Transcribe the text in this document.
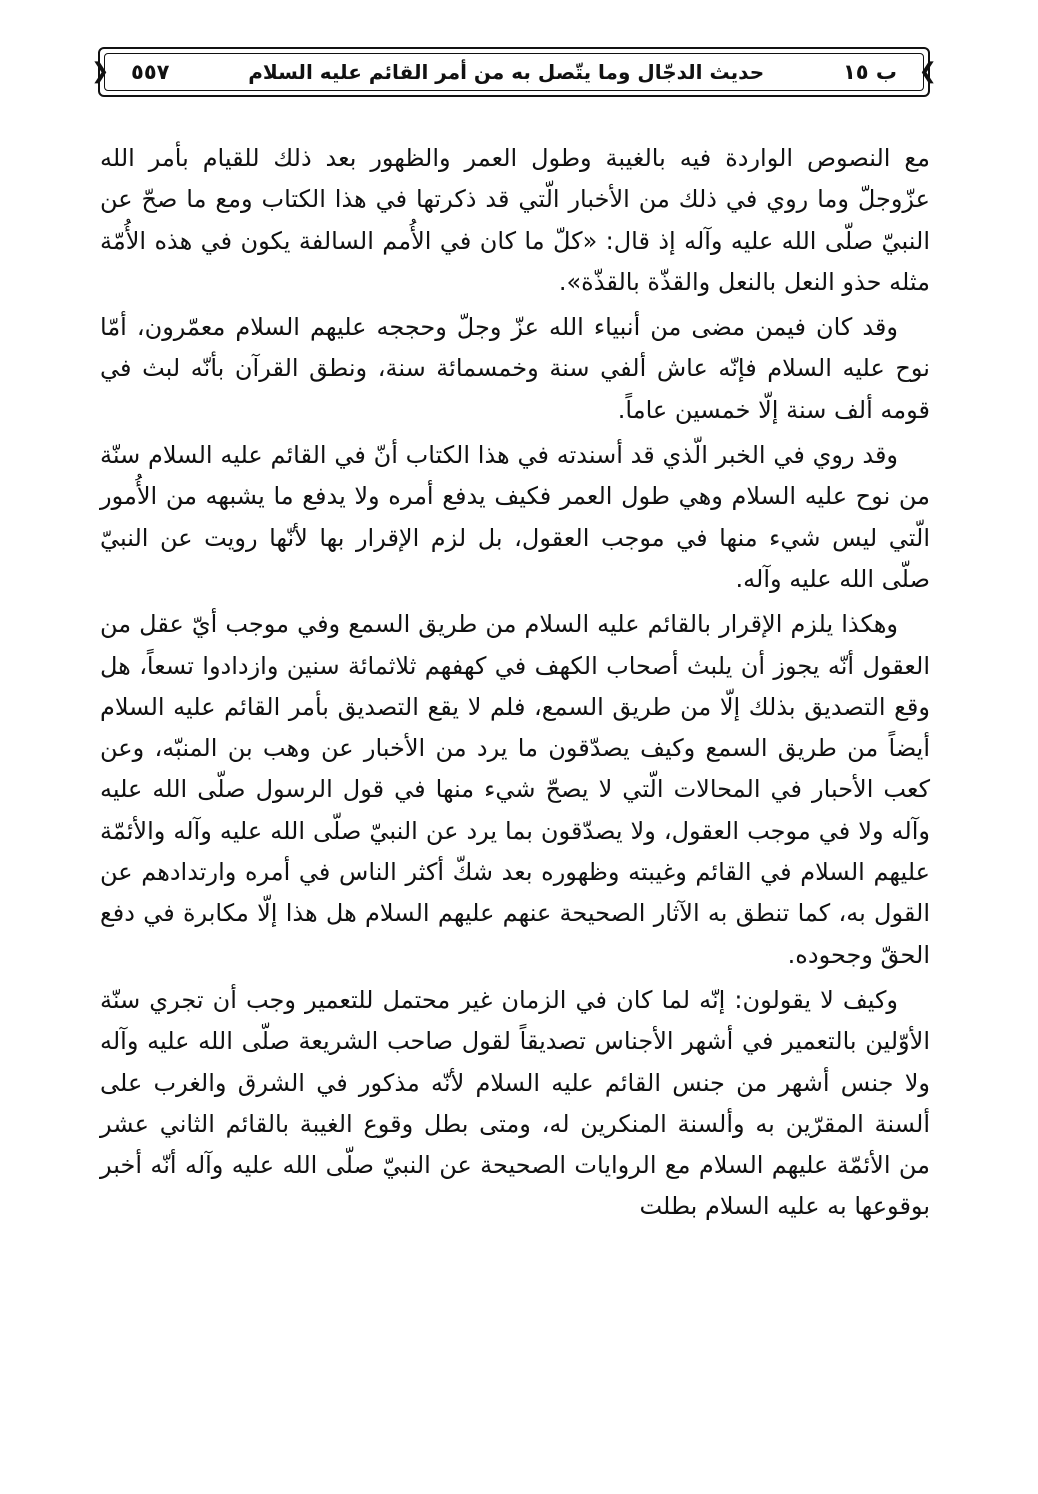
❯
ب ١٥
حديث الدجّال وما يتّصل به من أمر القائم عليه السلام
٥٥٧
❮

مع النصوص الواردة فيه بالغيبة وطول العمر والظهور بعد ذلك للقيام بأمر الله عزّوجلّ وما روي في ذلك من الأخبار الّتي قد ذكرتها في هذا الكتاب ومع ما صحّ عن النبيّ صلّى الله عليه وآله إذ قال: «كلّ ما كان في الأُمم السالفة يكون في هذه الأُمّة مثله حذو النعل بالنعل والقذّة بالقذّة».

وقد كان فيمن مضى من أنبياء الله عزّ وجلّ وحججه عليهم السلام معمّرون، أمّا نوح عليه السلام فإنّه عاش ألفي سنة وخمسمائة سنة، ونطق القرآن بأنّه لبث في قومه ألف سنة إلّا خمسين عاماً.

وقد روي في الخبر الّذي قد أسندته في هذا الكتاب أنّ في القائم عليه السلام سنّة من نوح عليه السلام وهي طول العمر فكيف يدفع أمره ولا يدفع ما يشبهه من الأُمور الّتي ليس شيء منها في موجب العقول، بل لزم الإقرار بها لأنّها رويت عن النبيّ صلّى الله عليه وآله.

وهكذا يلزم الإقرار بالقائم عليه السلام من طريق السمع وفي موجب أيّ عقل من العقول أنّه يجوز أن يلبث أصحاب الكهف في كهفهم ثلاثمائة سنين وازدادوا تسعاً، هل وقع التصديق بذلك إلّا من طريق السمع، فلم لا يقع التصديق بأمر القائم عليه السلام أيضاً من طريق السمع وكيف يصدّقون ما يرد من الأخبار عن وهب بن المنبّه، وعن كعب الأحبار في المحالات الّتي لا يصحّ شيء منها في قول الرسول صلّى الله عليه وآله ولا في موجب العقول، ولا يصدّقون بما يرد عن النبيّ صلّى الله عليه وآله والأئمّة عليهم السلام في القائم وغيبته وظهوره بعد شكّ أكثر الناس في أمره وارتدادهم عن القول به، كما تنطق به الآثار الصحيحة عنهم عليهم السلام هل هذا إلّا مكابرة في دفع الحقّ وجحوده.

وكيف لا يقولون: إنّه لما كان في الزمان غير محتمل للتعمير وجب أن تجري سنّة الأوّلين بالتعمير في أشهر الأجناس تصديقاً لقول صاحب الشريعة صلّى الله عليه وآله ولا جنس أشهر من جنس القائم عليه السلام لأنّه مذكور في الشرق والغرب على ألسنة المقرّين به وألسنة المنكرين له، ومتى بطل وقوع الغيبة بالقائم الثاني عشر من الأئمّة عليهم السلام مع الروايات الصحيحة عن النبيّ صلّى الله عليه وآله أنّه أخبر بوقوعها به عليه السلام بطلت
